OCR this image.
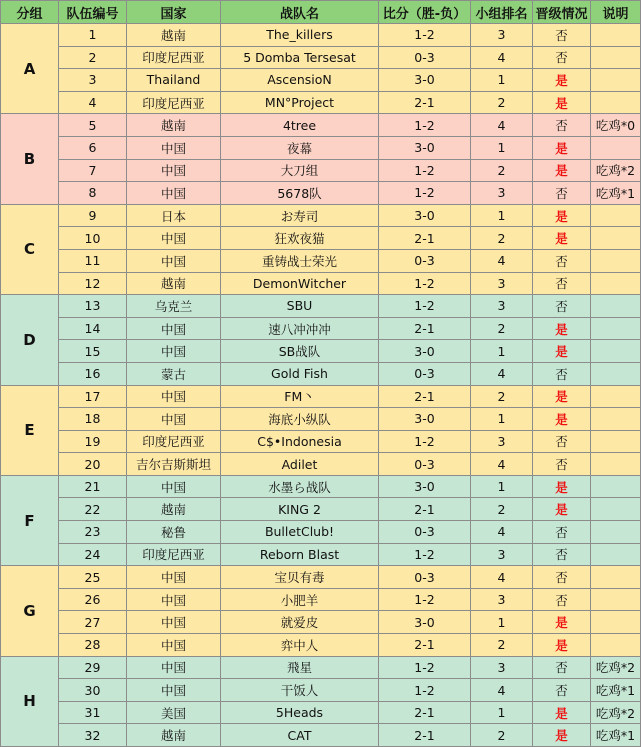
分组	队伍编号	国家	战队名	比分（胜-负）	小组排名	晋级情况	说明
A	1	越南	The_killers	1-2	3	否	
	2	印度尼西亚	5 Domba Tersesat	0-3	4	否	
	3	Thailand	AscensioN	3-0	1	是	
	4	印度尼西亚	MN°Project	2-1	2	是	
B	5	越南	4tree	1-2	4	否	吃鸡*0
	6	中国	夜幕	3-0	1	是	
	7	中国	大刀组	1-2	2	是	吃鸡*2
	8	中国	5678队	1-2	3	否	吃鸡*1
C	9	日本	お寿司	3-0	1	是	
	10	中国	狂欢夜猫	2-1	2	是	
	11	中国	重铸战士荣光	0-3	4	否	
	12	越南	DemonWitcher	1-2	3	否	
D	13	乌克兰	SBU	1-2	3	否	
	14	中国	速八冲冲冲	2-1	2	是	
	15	中国	SB战队	3-0	1	是	
	16	蒙古	Gold Fish	0-3	4	否	
E	17	中国	FM丶	2-1	2	是	
	18	中国	海底小纵队	3-0	1	是	
	19	印度尼西亚	C$•Indonesia	1-2	3	否	
	20	吉尔吉斯斯坦	Adilet	0-3	4	否	
F	21	中国	水墨ら战队	3-0	1	是	
	22	越南	KING 2	2-1	2	是	
	23	秘鲁	BulletClub!	0-3	4	否	
	24	印度尼西亚	Reborn Blast	1-2	3	否	
G	25	中国	宝贝有毒	0-3	4	否	
	26	中国	小肥羊	1-2	3	否	
	27	中国	就爱皮	3-0	1	是	
	28	中国	弈中人	2-1	2	是	
H	29	中国	飛星	1-2	3	否	吃鸡*2
	30	中国	干饭人	1-2	4	否	吃鸡*1
	31	美国	5Heads	2-1	1	是	吃鸡*2
	32	越南	CAT	2-1	2	是	吃鸡*1
